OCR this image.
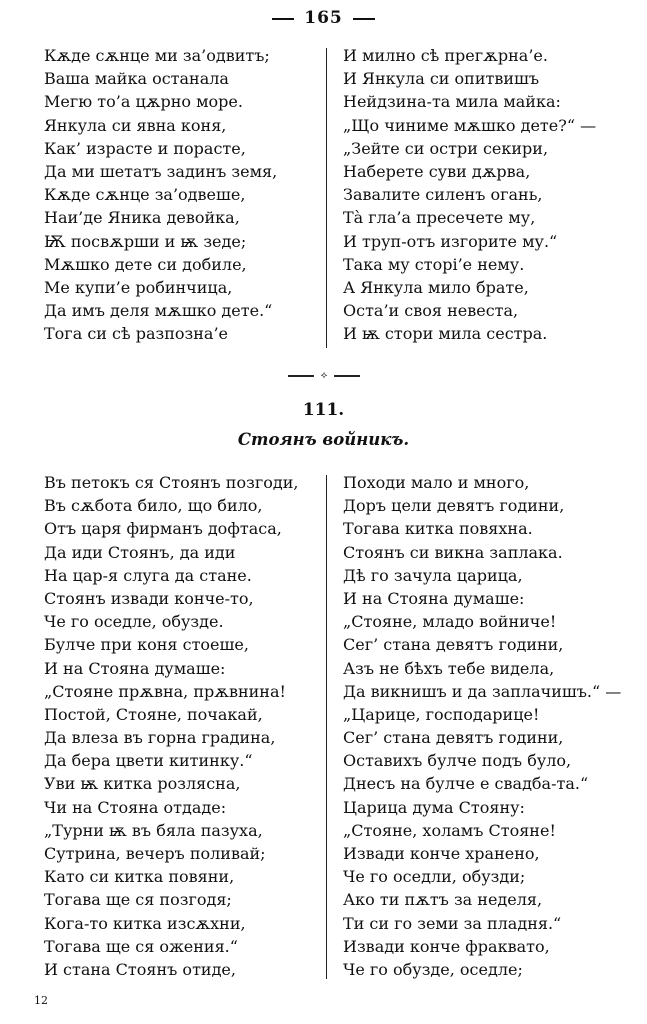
165
Кѫде сѫнце ми за’одвитъ;
Ваша майка останала
Мегю то’а цѫрно море.
Янкула си явна коня,
Как’ израсте и порасте,
Да ми шетатъ задинъ земя,
Кѫде сѫнце за’одвеше,
Наи’де Яника девойка,
Ѭ посвѫрши и ѭ зеде;
Мѫшко дете си добиле,
Ме купи’е робинчица,
Да имъ деля мѫшко дете.“
Тога си сѣ разпозна’е
И милно сѣ прегѫрна’е.
И Янкула си опитвишъ
Нейдзина-та мила майка:
„Що чиниме мѫшко дете?“ —
„Зейте си остри секири,
Наберете суви дѫрва,
Завалите силенъ огань,
Тà гла’а пресечете му,
И труп-отъ изгорите му.“
Така му сторі’е нему.
А Янкула мило брате,
Оста’и своя невеста,
И ѭ стори мила сестра.
⟡
111.
Стоянъ войникъ.
Въ петокъ ся Стоянъ позгоди,
Въ сѫбота било, що било,
Отъ царя фирманъ дофтаса,
Да иди Стоянъ, да иди
На цар-я слуга да стане.
Стоянъ извади конче-то,
Че го оседле, обузде.
Булче при коня стоеше,
И на Стояна думаше:
„Стояне прѫвна, прѫвнина!
Постой, Стояне, почакай,
Да влеза въ горна градина,
Да бера цвети китинку.“
Уви ѭ китка розлясна,
Чи на Стояна отдаде:
„Турни ѭ въ бяла пазуха,
Сутрина, вечеръ поливай;
Като си китка повяни,
Тогава ще ся позгодя;
Кога-то китка изсѫхни,
Тогава ще ся ожения.“
И стана Стоянъ отиде,
Походи мало и много,
Доръ цели девятъ години,
Тогава китка повяхна.
Стоянъ си викна заплака.
Дѣ го зачула царица,
И на Стояна думаше:
„Стояне, младо войниче!
Сег’ стана девятъ години,
Азъ не бѣхъ тебе видела,
Да викнишъ и да заплачишъ.“ —
„Царице, господарице!
Сег’ стана девятъ години,
Оставихъ булче подъ було,
Днесъ на булче е свадба-та.“
Царица дума Стояну:
„Стояне, холамъ Стояне!
Извади конче хранено,
Че го оседли, обузди;
Ако ти пѫтъ за неделя,
Ти си го земи за пладня.“
Извади конче фраквато,
Че го обузде, оседле;
12
